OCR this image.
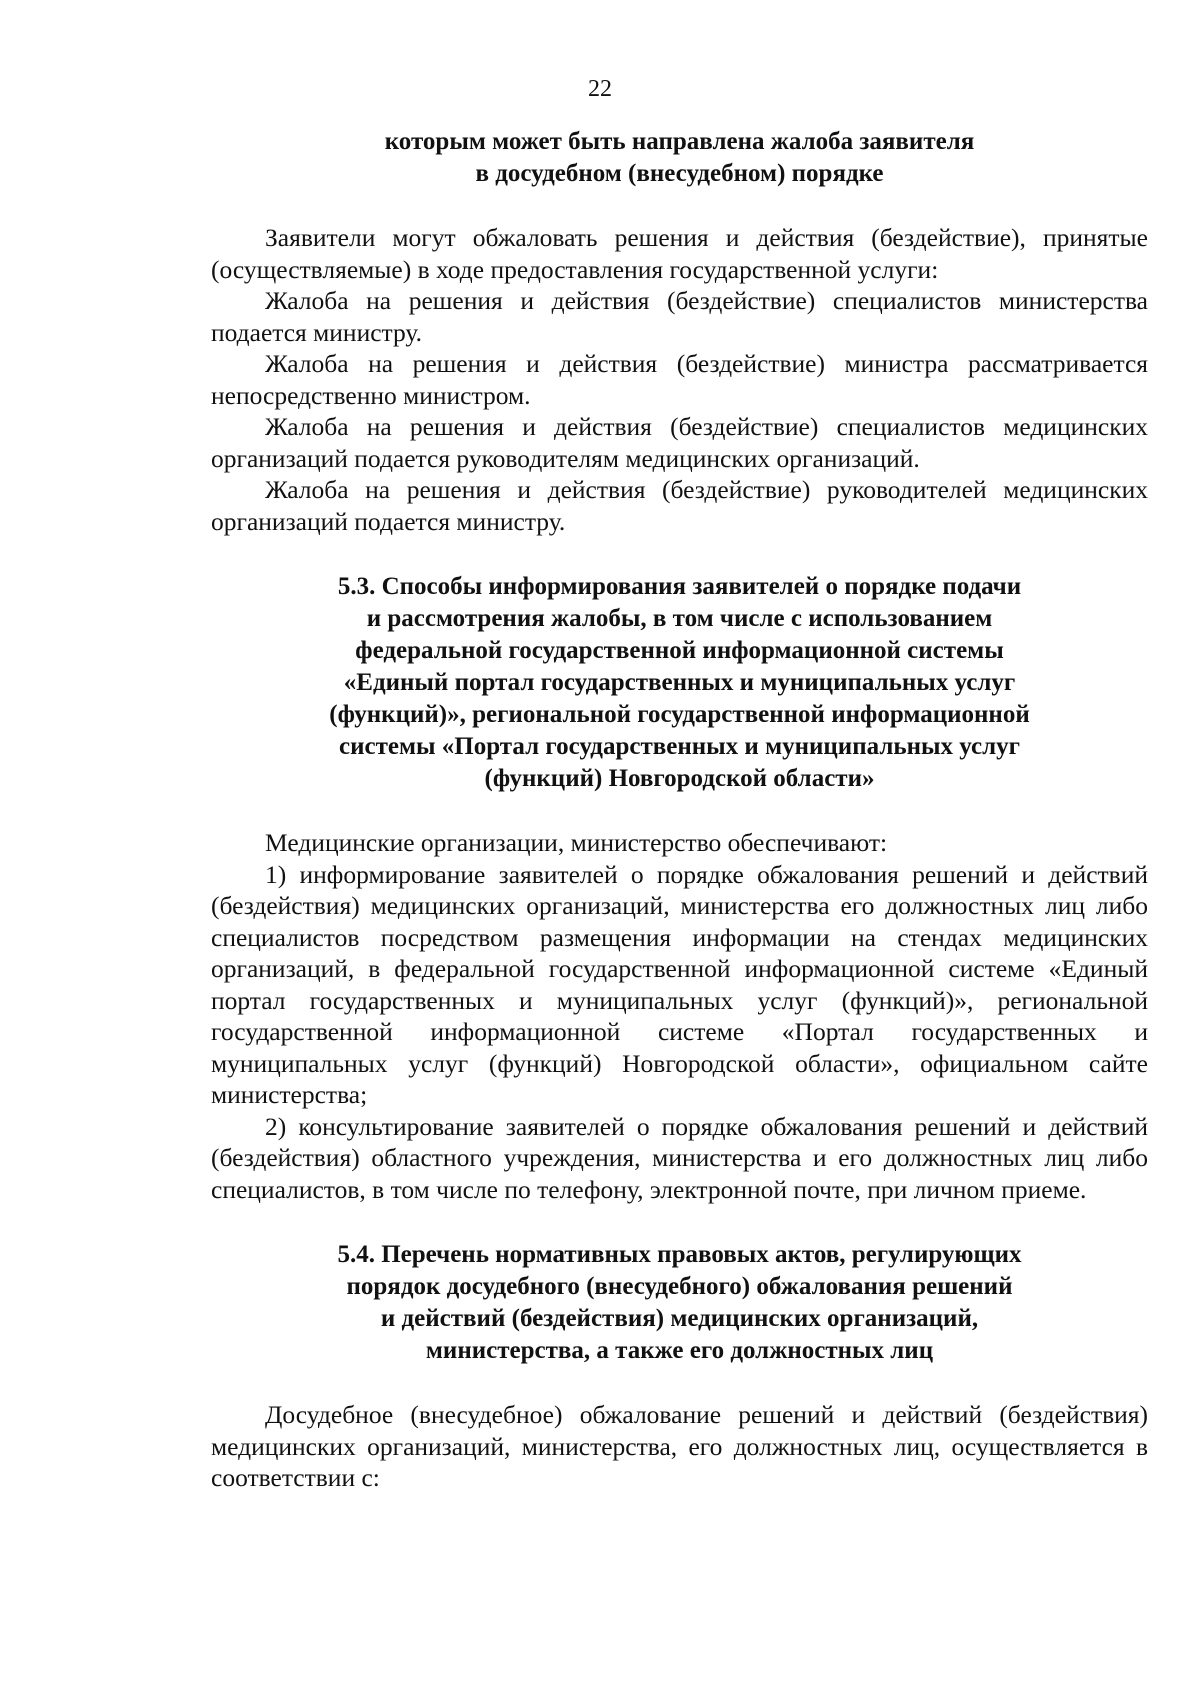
22
которым может быть направлена жалоба заявителя
в досудебном (внесудебном) порядке

Заявители могут обжаловать решения и действия (бездействие), принятые (осуществляемые) в ходе предоставления государственной услуги:

Жалоба на решения и действия (бездействие) специалистов министерства подается министру.

Жалоба на решения и действия (бездействие) министра рассматривается непосредственно министром.

Жалоба на решения и действия (бездействие) специалистов медицинских организаций подается руководителям медицинских организаций.

Жалоба на решения и действия (бездействие) руководителей медицинских организаций подается министру.

5.3. Способы информирования заявителей о порядке подачи
и рассмотрения жалобы, в том числе с использованием
федеральной государственной информационной системы
«Единый портал государственных и муниципальных услуг
(функций)», региональной государственной информационной
системы «Портал государственных и муниципальных услуг
(функций) Новгородской области»

Медицинские организации, министерство обеспечивают:

1) информирование заявителей о порядке обжалования решений и действий (бездействия) медицинских организаций, министерства его должностных лиц либо специалистов посредством размещения информации на стендах медицинских организаций, в федеральной государственной информационной системе «Единый портал государственных и муниципальных услуг (функций)», региональной государственной информационной системе «Портал государственных и муниципальных услуг (функций) Новгородской области», официальном сайте министерства;

2) консультирование заявителей о порядке обжалования решений и действий (бездействия) областного учреждения, министерства и его должностных лиц либо специалистов, в том числе по телефону, электронной почте, при личном приеме.

5.4. Перечень нормативных правовых актов, регулирующих
порядок досудебного (внесудебного) обжалования решений
и действий (бездействия) медицинских организаций,
министерства, а также его должностных лиц

Досудебное (внесудебное) обжалование решений и действий (бездействия) медицинских организаций, министерства, его должностных лиц, осуществляется в соответствии с:
